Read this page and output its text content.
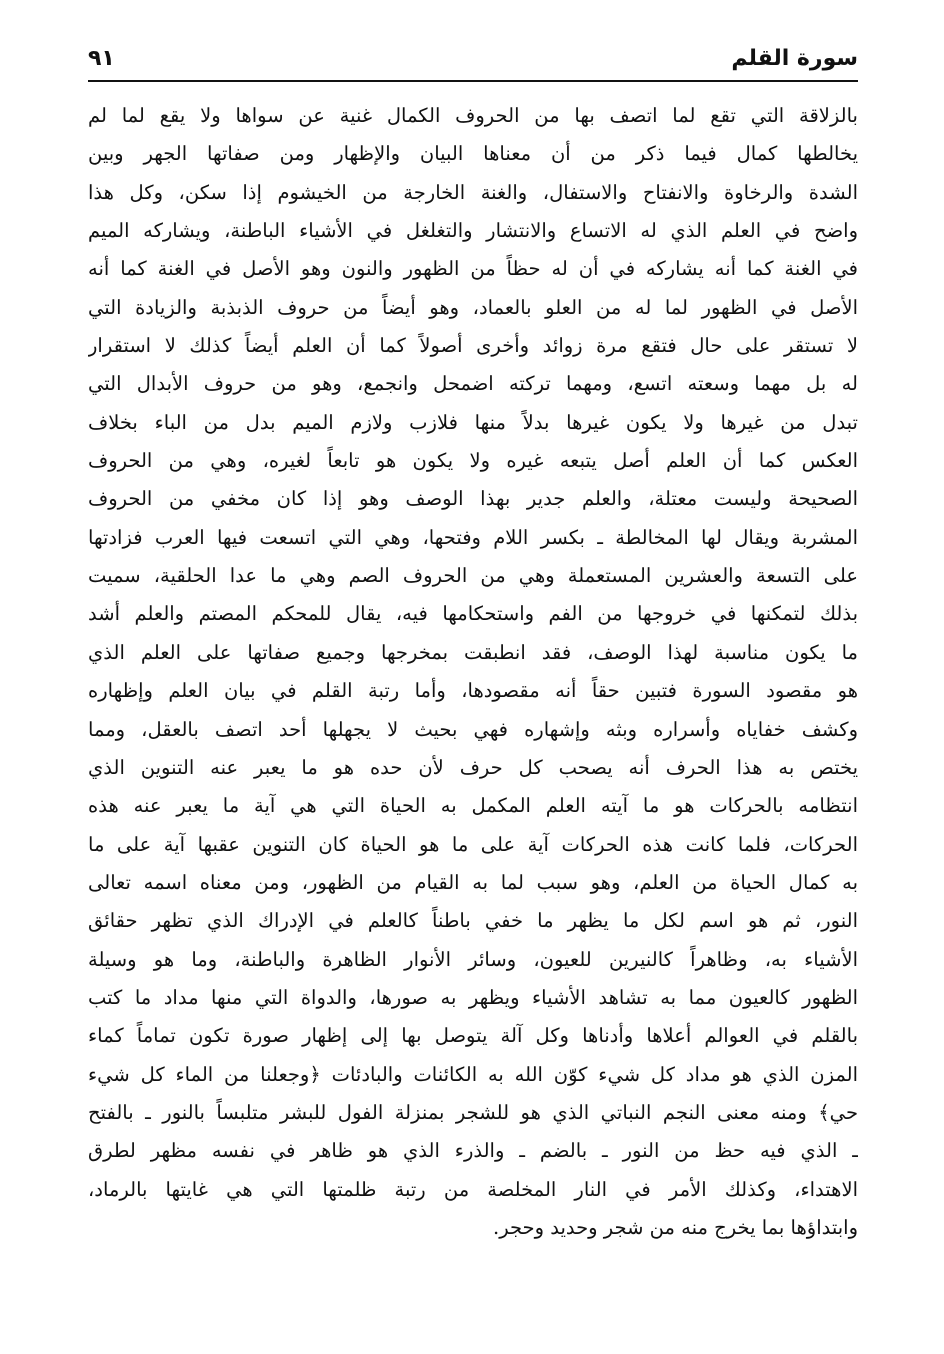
سورة القلم
٩١
بالزلاقة التي تقع لما اتصف بها من الحروف الكمال غنية عن سواها ولا يقع لما لم
يخالطها كمال فيما ذكر من أن معناها البيان والإظهار ومن صفاتها الجهر وبين
الشدة والرخاوة والانفتاح والاستفال، والغنة الخارجة من الخيشوم إذا سكن، وكل هذا
واضح في العلم الذي له الاتساع والانتشار والتغلغل في الأشياء الباطنة، ويشاركه الميم
في الغنة كما أنه يشاركه في أن له حظاً من الظهور والنون وهو الأصل في الغنة كما أنه
الأصل في الظهور لما له من العلو بالعماد، وهو أيضاً من حروف الذبذبة والزيادة التي
لا تستقر على حال فتقع مرة زوائد وأخرى أصولاً كما أن العلم أيضاً كذلك لا استقرار
له بل مهما وسعته اتسع، ومهما تركته اضمحل وانجمع، وهو من حروف الأبدال التي
تبدل من غيرها ولا يكون غيرها بدلاً منها فلازب ولازم الميم بدل من الباء بخلاف
العكس كما أن العلم أصل يتبعه غيره ولا يكون هو تابعاً لغيره، وهي من الحروف
الصحيحة وليست معتلة، والعلم جدير بهذا الوصف وهو إذا كان مخفي من الحروف
المشربة ويقال لها المخالطة ـ بكسر اللام وفتحها، وهي التي اتسعت فيها العرب فزادتها
على التسعة والعشرين المستعملة وهي من الحروف الصم وهي ما عدا الحلقية، سميت
بذلك لتمكنها في خروجها من الفم واستحكامها فيه، يقال للمحكم المصتم والعلم أشد
ما يكون مناسبة لهذا الوصف، فقد انطبقت بمخرجها وجميع صفاتها على العلم الذي
هو مقصود السورة فتبين حقاً أنه مقصودها، وأما رتبة القلم في بيان العلم وإظهاره
وكشف خفاياه وأسراره وبثه وإشهاره فهي بحيث لا يجهلها أحد اتصف بالعقل، ومما
يختص به هذا الحرف أنه يصحب كل حرف لأن حده هو ما يعبر عنه التنوين الذي
انتظامه بالحركات هو ما آيته العلم المكمل به الحياة التي هي آية ما يعبر عنه هذه
الحركات، فلما كانت هذه الحركات آية على ما هو الحياة كان التنوين عقبها آية على ما
به كمال الحياة من العلم، وهو سبب لما به القيام من الظهور، ومن معناه اسمه تعالى
النور، ثم هو اسم لكل ما يظهر ما خفي باطناً كالعلم في الإدراك الذي تظهر حقائق
الأشياء به، وظاهراً كالنيرين للعيون، وسائر الأنوار الظاهرة والباطنة، وما هو وسيلة
الظهور كالعيون مما به تشاهد الأشياء ويظهر به صورها، والدواة التي منها مداد ما كتب
بالقلم في العوالم أعلاها وأدناها وكل آلة يتوصل بها إلى إظهار صورة تكون تماماً كماء
المزن الذي هو مداد كل شيء كوّن الله به الكائنات والبادئات ﴿وجعلنا من الماء كل شيء
حي﴾ ومنه معنى النجم النباتي الذي هو للشجر بمنزلة الفول للبشر متلبساً بالنور ـ بالفتح
ـ الذي فيه حظ من النور ـ بالضم ـ والذرء الذي هو ظاهر في نفسه مظهر لطرق
الاهتداء، وكذلك الأمر في النار المخلصة من رتبة ظلمتها التي هي غايتها بالرماد،
وابتداؤها بما يخرج منه من شجر وحديد وحجر.
